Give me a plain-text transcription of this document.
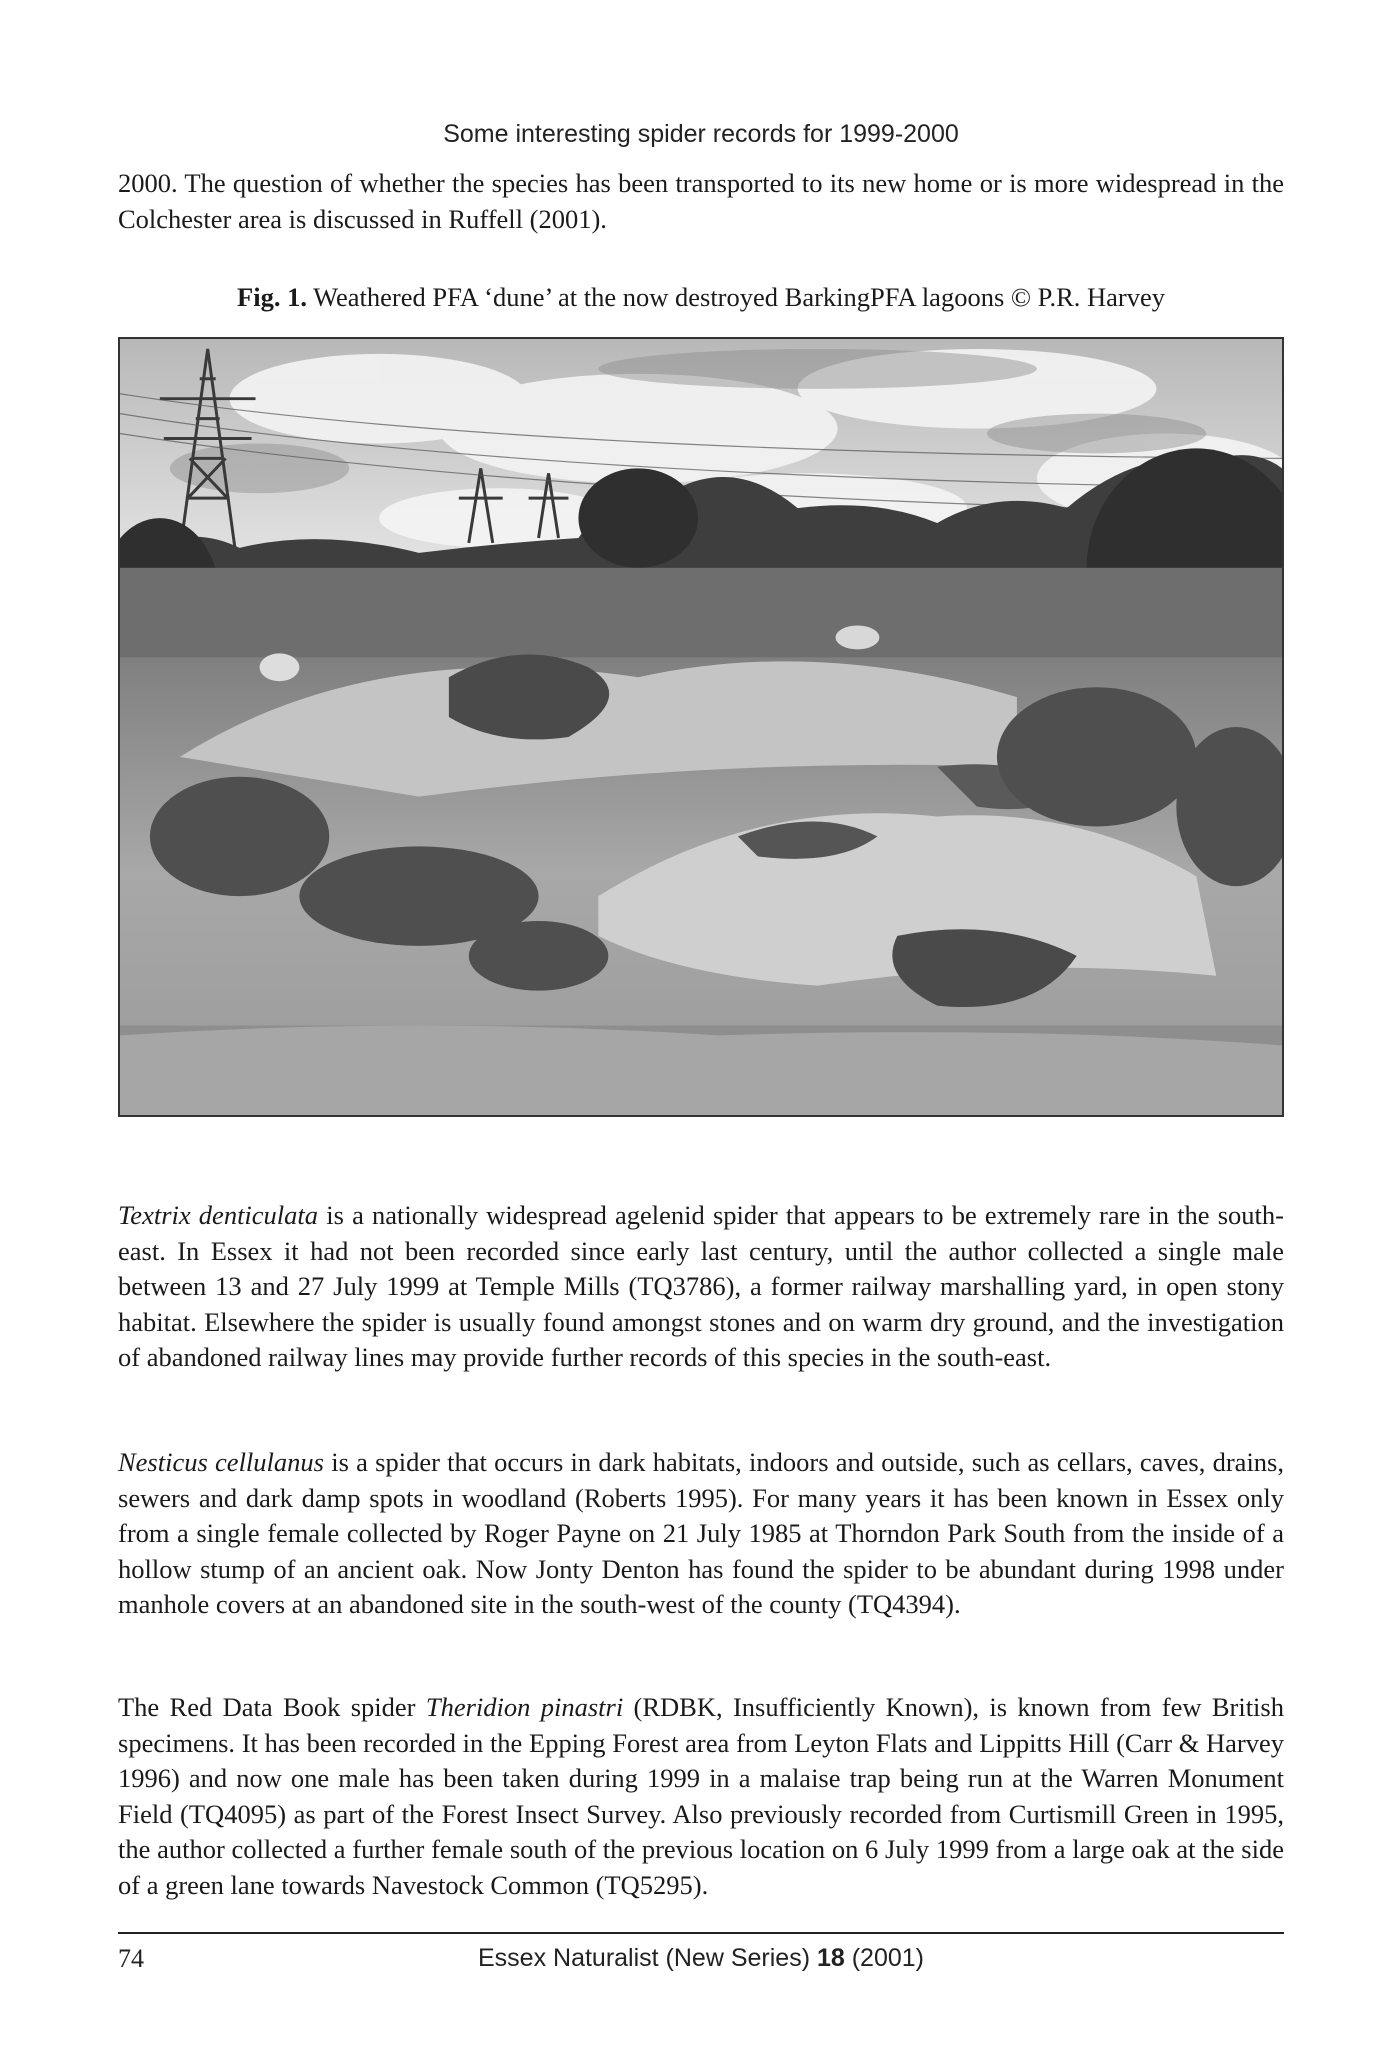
Some interesting spider records for 1999-2000

2000. The question of whether the species has been transported to its new home or is more widespread in the Colchester area is discussed in Ruffell (2001).

Fig. 1. Weathered PFA ‘dune’ at the now destroyed BarkingPFA lagoons © P.R. Harvey

Textrix denticulata is a nationally widespread agelenid spider that appears to be extremely rare in the south-east. In Essex it had not been recorded since early last century, until the author collected a single male between 13 and 27 July 1999 at Temple Mills (TQ3786), a former railway marshalling yard, in open stony habitat. Elsewhere the spider is usually found amongst stones and on warm dry ground, and the investigation of abandoned railway lines may provide further records of this species in the south-east.

Nesticus cellulanus is a spider that occurs in dark habitats, indoors and outside, such as cellars, caves, drains, sewers and dark damp spots in woodland (Roberts 1995). For many years it has been known in Essex only from a single female collected by Roger Payne on 21 July 1985 at Thorndon Park South from the inside of a hollow stump of an ancient oak. Now Jonty Denton has found the spider to be abundant during 1998 under manhole covers at an abandoned site in the south-west of the county (TQ4394).

The Red Data Book spider Theridion pinastri (RDBK, Insufficiently Known), is known from few British specimens. It has been recorded in the Epping Forest area from Leyton Flats and Lippitts Hill (Carr & Harvey 1996) and now one male has been taken during 1999 in a malaise trap being run at the Warren Monument Field (TQ4095) as part of the Forest Insect Survey. Also previously recorded from Curtismill Green in 1995, the author collected a further female south of the previous location on 6 July 1999 from a large oak at the side of a green lane towards Navestock Common (TQ5295).

74	Essex Naturalist (New Series) 18 (2001)
